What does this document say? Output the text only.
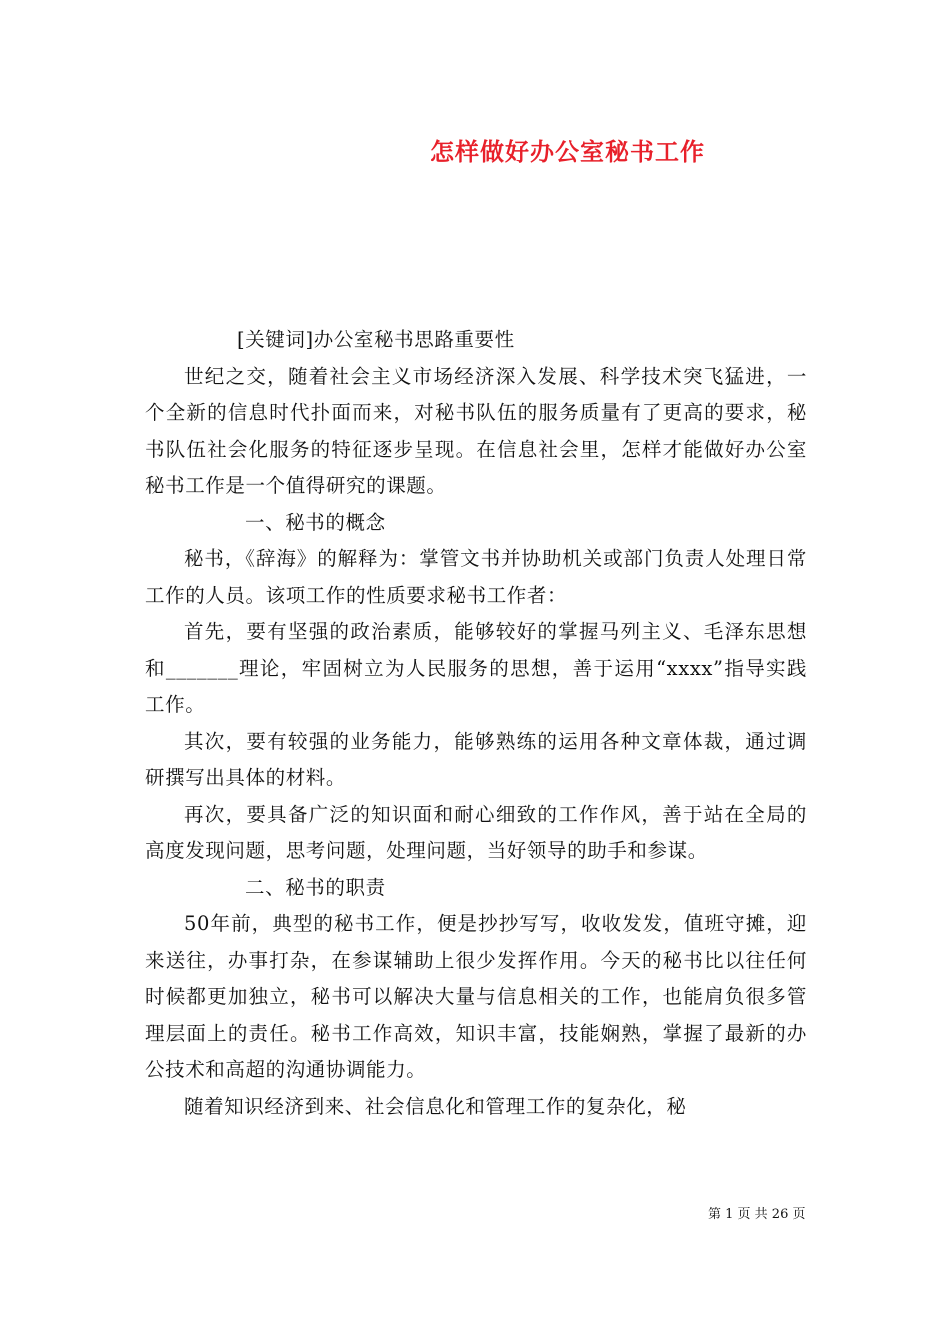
怎样做好办公室秘书工作

[关键词]办公室秘书思路重要性

世纪之交，随着社会主义市场经济深入发展、科学技术突飞猛进，一个全新的信息时代扑面而来，对秘书队伍的服务质量有了更高的要求，秘书队伍社会化服务的特征逐步呈现。在信息社会里，怎样才能做好办公室秘书工作是一个值得研究的课题。

一、秘书的概念

秘书，《辞海》的解释为：掌管文书并协助机关或部门负责人处理日常工作的人员。该项工作的性质要求秘书工作者：

首先，要有坚强的政治素质，能够较好的掌握马列主义、毛泽东思想和_______理论，牢固树立为人民服务的思想，善于运用“xxxx”指导实践工作。

其次，要有较强的业务能力，能够熟练的运用各种文章体裁，通过调研撰写出具体的材料。

再次，要具备广泛的知识面和耐心细致的工作作风，善于站在全局的高度发现问题，思考问题，处理问题，当好领导的助手和参谋。

二、秘书的职责

50年前，典型的秘书工作，便是抄抄写写，收收发发，值班守摊，迎来送往，办事打杂，在参谋辅助上很少发挥作用。今天的秘书比以往任何时候都更加独立，秘书可以解决大量与信息相关的工作，也能肩负很多管理层面上的责任。秘书工作高效，知识丰富，技能娴熟，掌握了最新的办公技术和高超的沟通协调能力。

随着知识经济到来、社会信息化和管理工作的复杂化，秘

第 1 页 共 26 页
